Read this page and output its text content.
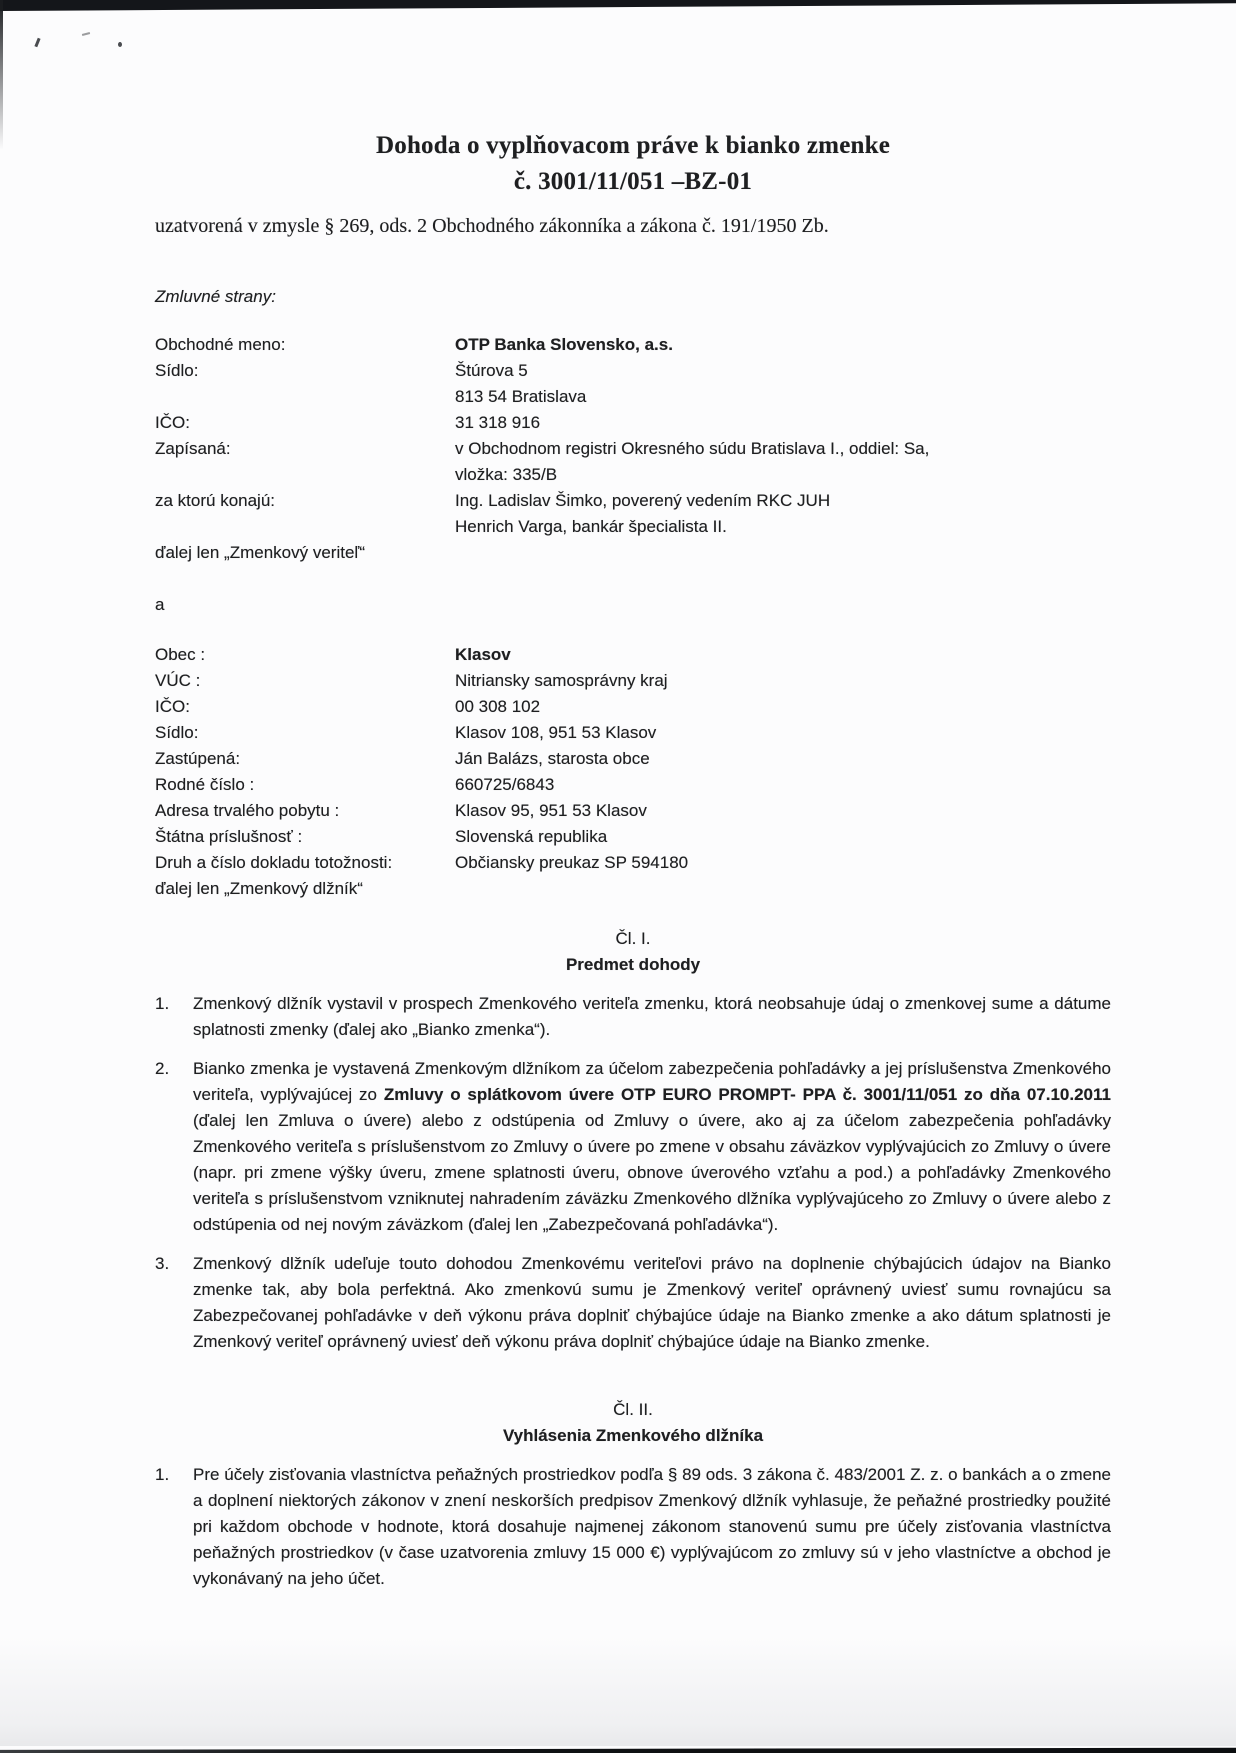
Dohoda o vyplňovacom práve k bianko zmenke
č. 3001/11/051 –BZ-01
uzatvorená v zmysle § 269, ods. 2 Obchodného zákonníka a zákona č. 191/1950 Zb.
Zmluvné strany:
Obchodné meno:	OTP Banka Slovensko, a.s.
Sídlo:	Štúrova 5
813 54 Bratislava
IČO:	31 318 916
Zapísaná:	v Obchodnom registri Okresného súdu Bratislava I., oddiel: Sa,
vložka: 335/B
za ktorú konajú:	Ing. Ladislav Šimko, poverený vedením RKC JUH
Henrich Varga, bankár špecialista II.
ďalej len „Zmenkový veriteľ“
a
Obec :	Klasov
VÚC :	Nitriansky samosprávny kraj
IČO:	00 308 102
Sídlo:	Klasov 108, 951 53 Klasov
Zastúpená:	Ján Balázs, starosta obce
Rodné číslo :	660725/6843
Adresa trvalého pobytu :	Klasov 95, 951 53 Klasov
Štátna príslušnosť :	Slovenská republika
Druh a číslo dokladu totožnosti:	Občiansky preukaz SP 594180
ďalej len „Zmenkový dlžník“
Čl. I.
Predmet dohody
1.	Zmenkový dlžník vystavil v prospech Zmenkového veriteľa zmenku, ktorá neobsahuje údaj o zmenkovej sume a dátume splatnosti zmenky (ďalej ako „Bianko zmenka“).
2.	Bianko zmenka je vystavená Zmenkovým dlžníkom za účelom zabezpečenia pohľadávky a jej príslušenstva Zmenkového veriteľa, vyplývajúcej zo Zmluvy o splátkovom úvere OTP EURO PROMPT- PPA č. 3001/11/051 zo dňa 07.10.2011 (ďalej len Zmluva o úvere) alebo z odstúpenia od Zmluvy o úvere, ako aj za účelom zabezpečenia pohľadávky Zmenkového veriteľa s príslušenstvom zo Zmluvy o úvere po zmene v obsahu záväzkov vyplývajúcich zo Zmluvy o úvere (napr. pri zmene výšky úveru, zmene splatnosti úveru, obnove úverového vzťahu a pod.) a pohľadávky Zmenkového veriteľa s príslušenstvom vzniknutej nahradením záväzku Zmenkového dlžníka vyplývajúceho zo Zmluvy o úvere alebo z odstúpenia od nej novým záväzkom (ďalej len „Zabezpečovaná pohľadávka“).
3.	Zmenkový dlžník udeľuje touto dohodou Zmenkovému veriteľovi právo na doplnenie chýbajúcich údajov na Bianko zmenke tak, aby bola perfektná. Ako zmenkovú sumu je Zmenkový veriteľ oprávnený uviesť sumu rovnajúcu sa Zabezpečovanej pohľadávke v deň výkonu práva doplniť chýbajúce údaje na Bianko zmenke a ako dátum splatnosti je Zmenkový veriteľ oprávnený uviesť deň výkonu práva doplniť chýbajúce údaje na Bianko zmenke.
Čl. II.
Vyhlásenia Zmenkového dlžníka
1.	Pre účely zisťovania vlastníctva peňažných prostriedkov podľa § 89 ods. 3 zákona č. 483/2001 Z. z. o bankách a o zmene a doplnení niektorých zákonov v znení neskorších predpisov Zmenkový dlžník vyhlasuje, že peňažné prostriedky použité pri každom obchode v hodnote, ktorá dosahuje najmenej zákonom stanovenú sumu pre účely zisťovania vlastníctva peňažných prostriedkov (v čase uzatvorenia zmluvy 15 000 €) vyplývajúcom zo zmluvy sú v jeho vlastníctve a obchod je vykonávaný na jeho účet.
